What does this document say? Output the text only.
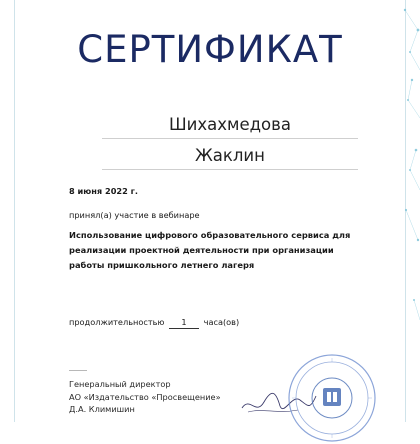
СЕРТИФИКАТ
Шихахмедова
Жаклин
8 июня 2022 г.
принял(а) участие в вебинаре
Использование цифрового образовательного сервиса для реализации проектной деятельности при организации работы пришкольного летнего лагеря
продолжительностью 1 часа(ов)
Генеральный директор
АО «Издательство «Просвещение»
Д.А. Климишин
